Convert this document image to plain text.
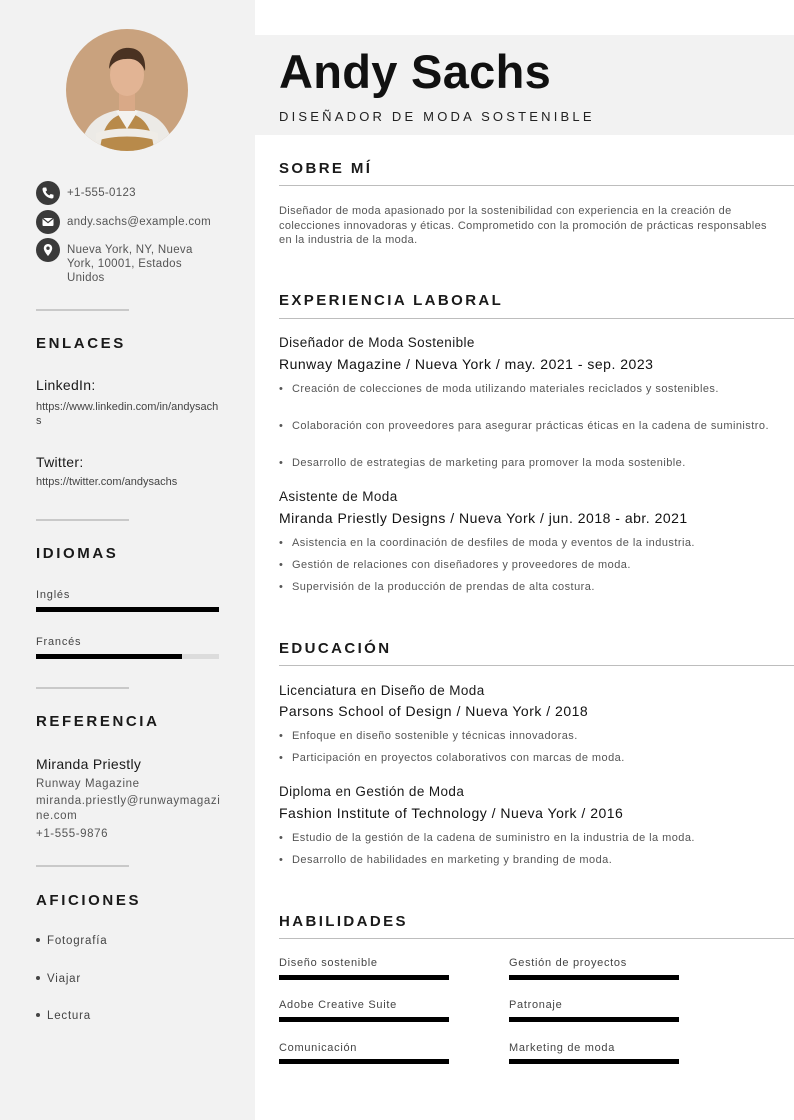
+1-555-0123
andy.sachs@example.com
Nueva York, NY, Nueva York, 10001, Estados Unidos
ENLACES
LinkedIn:
https://www.linkedin.com/in/andysachs
Twitter:
https://twitter.com/andysachs
IDIOMAS
Inglés
Francés
REFERENCIA
Miranda Priestly
Runway Magazine
miranda.priestly@runwaymagazine.com
+1-555-9876
AFICIONES
Fotografía
Viajar
Lectura
Andy Sachs
DISEÑADOR DE MODA SOSTENIBLE
SOBRE MÍ
Diseñador de moda apasionado por la sostenibilidad con experiencia en la creación de colecciones innovadoras y éticas. Comprometido con la promoción de prácticas responsables en la industria de la moda.
EXPERIENCIA LABORAL
Diseñador de Moda Sostenible
Runway Magazine / Nueva York / may. 2021 - sep. 2023
• Creación de colecciones de moda utilizando materiales reciclados y sostenibles.
• Colaboración con proveedores para asegurar prácticas éticas en la cadena de suministro.
• Desarrollo de estrategias de marketing para promover la moda sostenible.
Asistente de Moda
Miranda Priestly Designs / Nueva York / jun. 2018 - abr. 2021
• Asistencia en la coordinación de desfiles de moda y eventos de la industria.
• Gestión de relaciones con diseñadores y proveedores de moda.
• Supervisión de la producción de prendas de alta costura.
EDUCACIÓN
Licenciatura en Diseño de Moda
Parsons School of Design / Nueva York / 2018
• Enfoque en diseño sostenible y técnicas innovadoras.
• Participación en proyectos colaborativos con marcas de moda.
Diploma en Gestión de Moda
Fashion Institute of Technology / Nueva York / 2016
• Estudio de la gestión de la cadena de suministro en la industria de la moda.
• Desarrollo de habilidades en marketing y branding de moda.
HABILIDADES
Diseño sostenible	Gestión de proyectos
Adobe Creative Suite	Patronaje
Comunicación	Marketing de moda
